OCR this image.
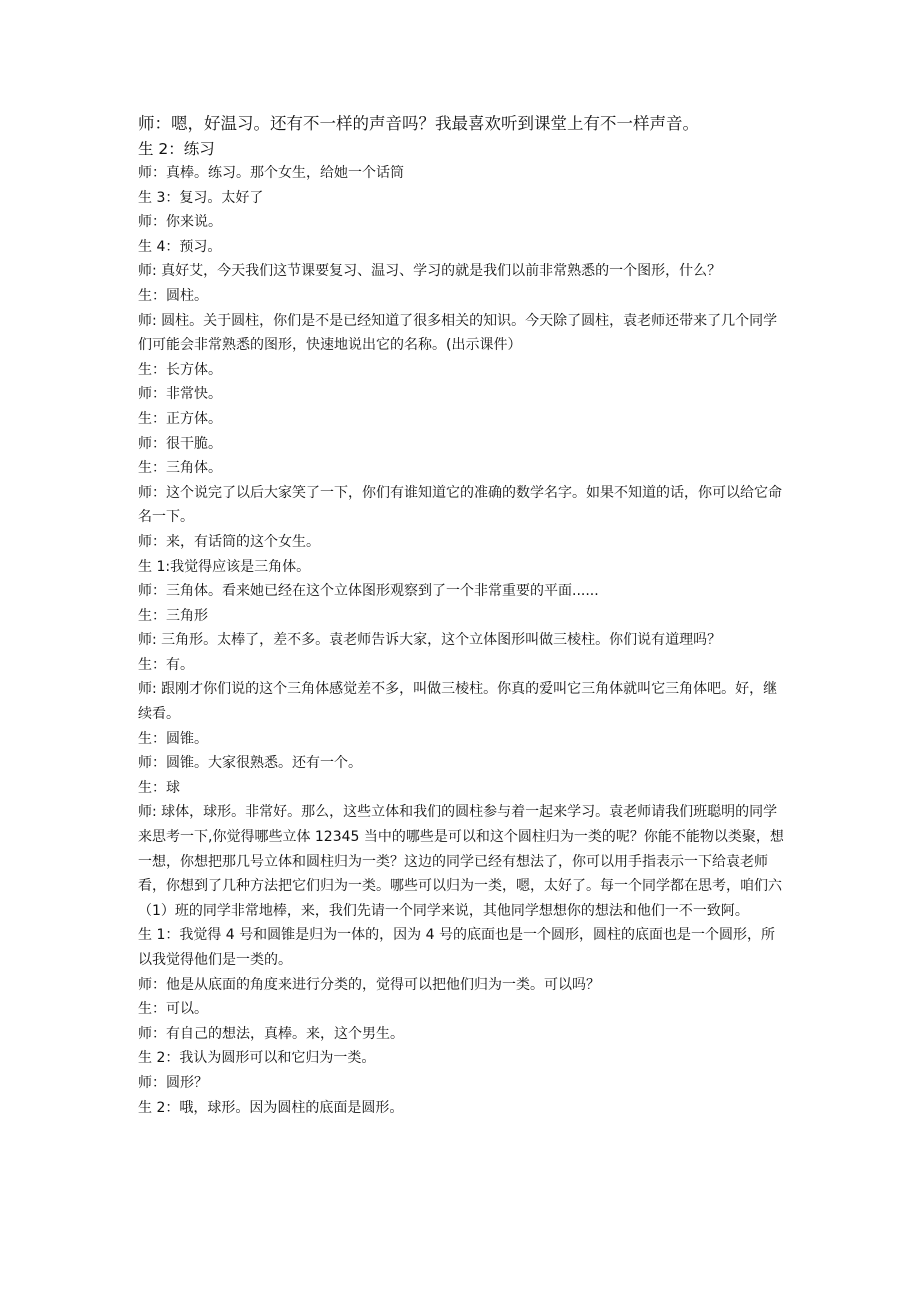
师：嗯，好温习。还有不一样的声音吗？我最喜欢听到课堂上有不一样声音。
生 2：练习
师：真棒。练习。那个女生，给她一个话筒
生 3：复习。太好了
师：你来说。
生 4：预习。
师: 真好艾，今天我们这节课要复习、温习、学习的就是我们以前非常熟悉的一个图形，什么？
生：圆柱。
师: 圆柱。关于圆柱，你们是不是已经知道了很多相关的知识。今天除了圆柱，袁老师还带来了几个同学们可能会非常熟悉的图形，快速地说出它的名称。(出示课件）
生：长方体。
师：非常快。
生：正方体。
师：很干脆。
生：三角体。
师：这个说完了以后大家笑了一下，你们有谁知道它的准确的数学名字。如果不知道的话，你可以给它命名一下。
师：来，有话筒的这个女生。
生 1:我觉得应该是三角体。
师：三角体。看来她已经在这个立体图形观察到了一个非常重要的平面......
生：三角形
师: 三角形。太棒了，差不多。袁老师告诉大家，这个立体图形叫做三棱柱。你们说有道理吗？
生：有。
师: 跟刚才你们说的这个三角体感觉差不多，叫做三棱柱。你真的爱叫它三角体就叫它三角体吧。好，继续看。
生：圆锥。
师：圆锥。大家很熟悉。还有一个。
生：球
师: 球体，球形。非常好。那么，这些立体和我们的圆柱参与着一起来学习。袁老师请我们班聪明的同学来思考一下,你觉得哪些立体 12345 当中的哪些是可以和这个圆柱归为一类的呢？你能不能物以类聚，想一想，你想把那几号立体和圆柱归为一类？这边的同学已经有想法了，你可以用手指表示一下给袁老师看，你想到了几种方法把它们归为一类。哪些可以归为一类，嗯，太好了。每一个同学都在思考，咱们六（1）班的同学非常地棒，来，我们先请一个同学来说，其他同学想想你的想法和他们一不一致阿。
生 1：我觉得 4 号和圆锥是归为一体的，因为 4 号的底面也是一个圆形，圆柱的底面也是一个圆形，所以我觉得他们是一类的。
师：他是从底面的角度来进行分类的，觉得可以把他们归为一类。可以吗？
生：可以。
师：有自己的想法，真棒。来，这个男生。
生 2：我认为圆形可以和它归为一类。
师：圆形？
生 2：哦，球形。因为圆柱的底面是圆形。
